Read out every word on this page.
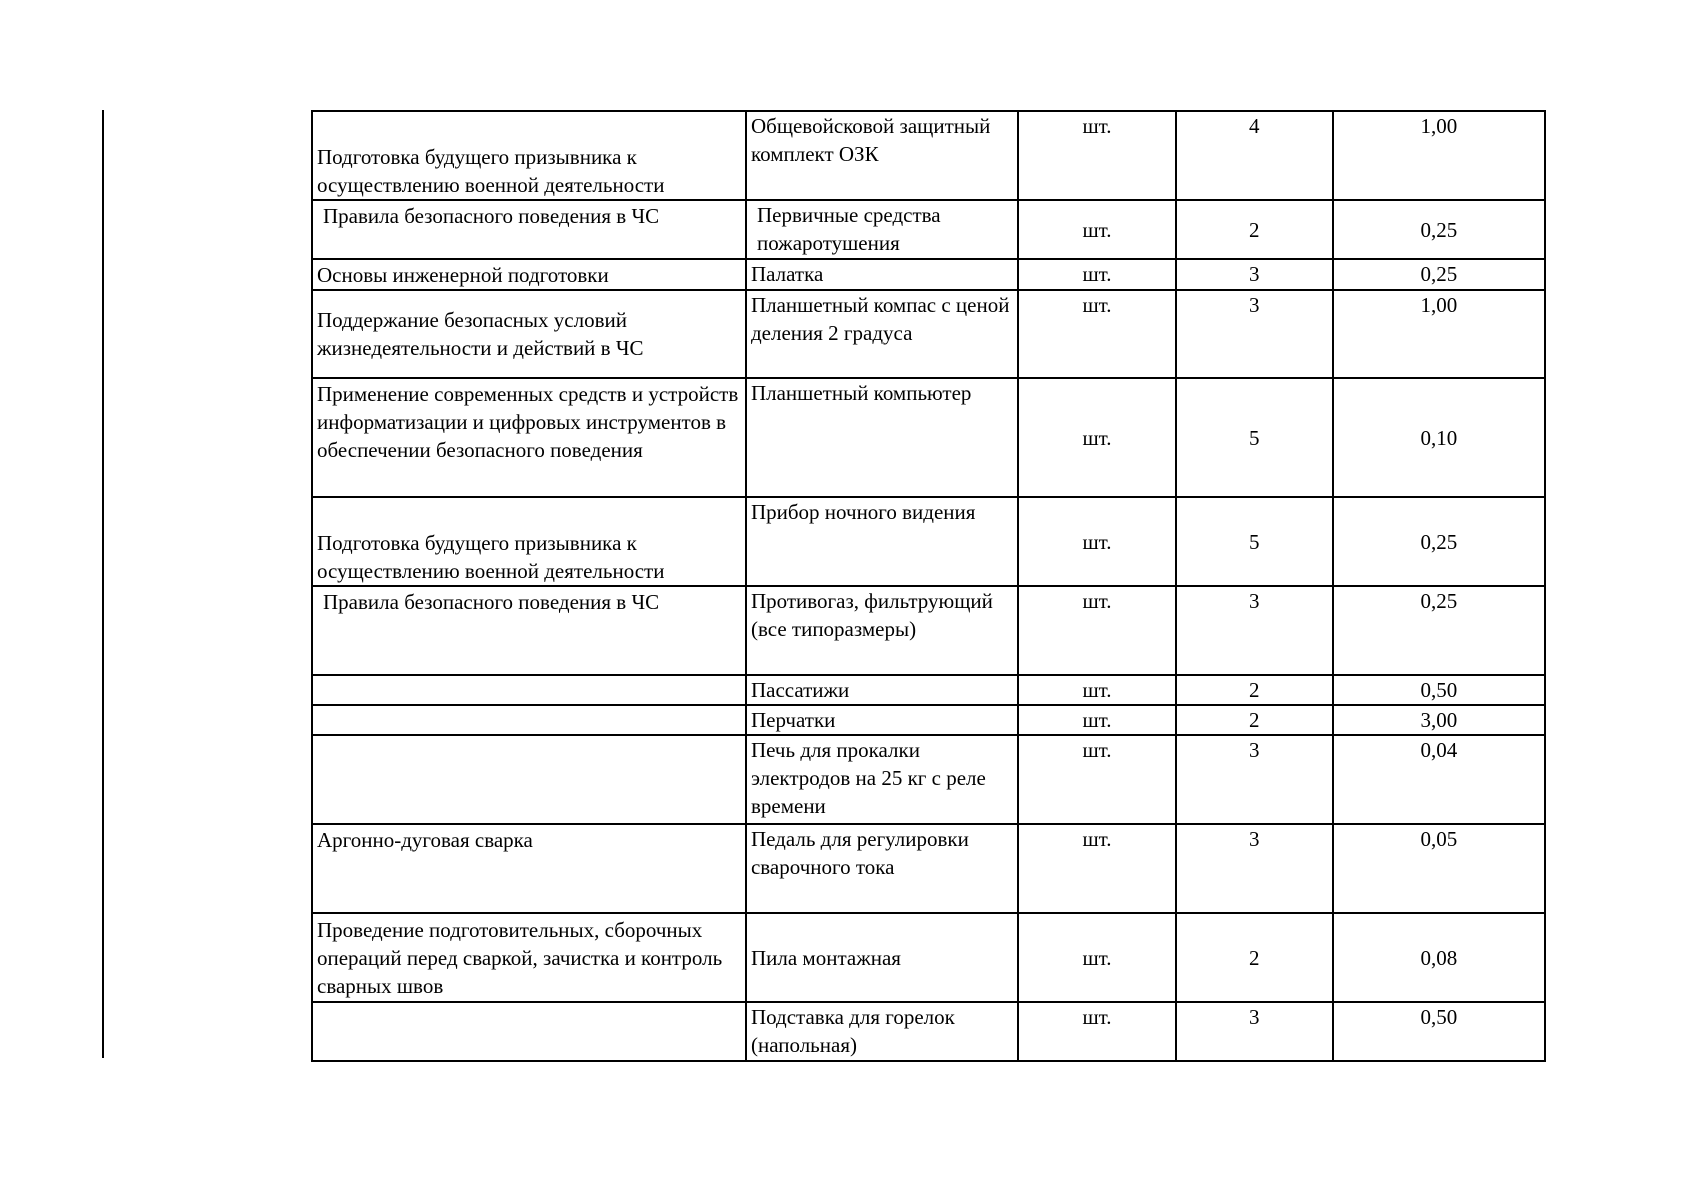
Подготовка будущего призывника к осуществлению военной деятельности	Общевойсковой защитный комплект ОЗК	шт.	4	1,00
Правила безопасного поведения в ЧС	Первичные средства пожаротушения	шт.	2	0,25
Основы инженерной подготовки	Палатка	шт.	3	0,25
Поддержание безопасных условий жизнедеятельности и действий в ЧС	Планшетный компас с ценой деления 2 градуса	шт.	3	1,00
Применение современных средств и устройств информатизации и цифровых инструментов в обеспечении безопасного поведения	Планшетный компьютер	шт.	5	0,10
Подготовка будущего призывника к осуществлению военной деятельности	Прибор ночного видения	шт.	5	0,25
Правила безопасного поведения в ЧС	Противогаз, фильтрующий (все типоразмеры)	шт.	3	0,25
	Пассатижи	шт.	2	0,50
	Перчатки	шт.	2	3,00
	Печь для прокалки электродов на 25 кг с реле времени	шт.	3	0,04
Аргонно-дуговая сварка	Педаль для регулировки сварочного тока	шт.	3	0,05
Проведение подготовительных, сборочных операций перед сваркой, зачистка и контроль сварных швов	Пила монтажная	шт.	2	0,08
	Подставка для горелок (напольная)	шт.	3	0,50
